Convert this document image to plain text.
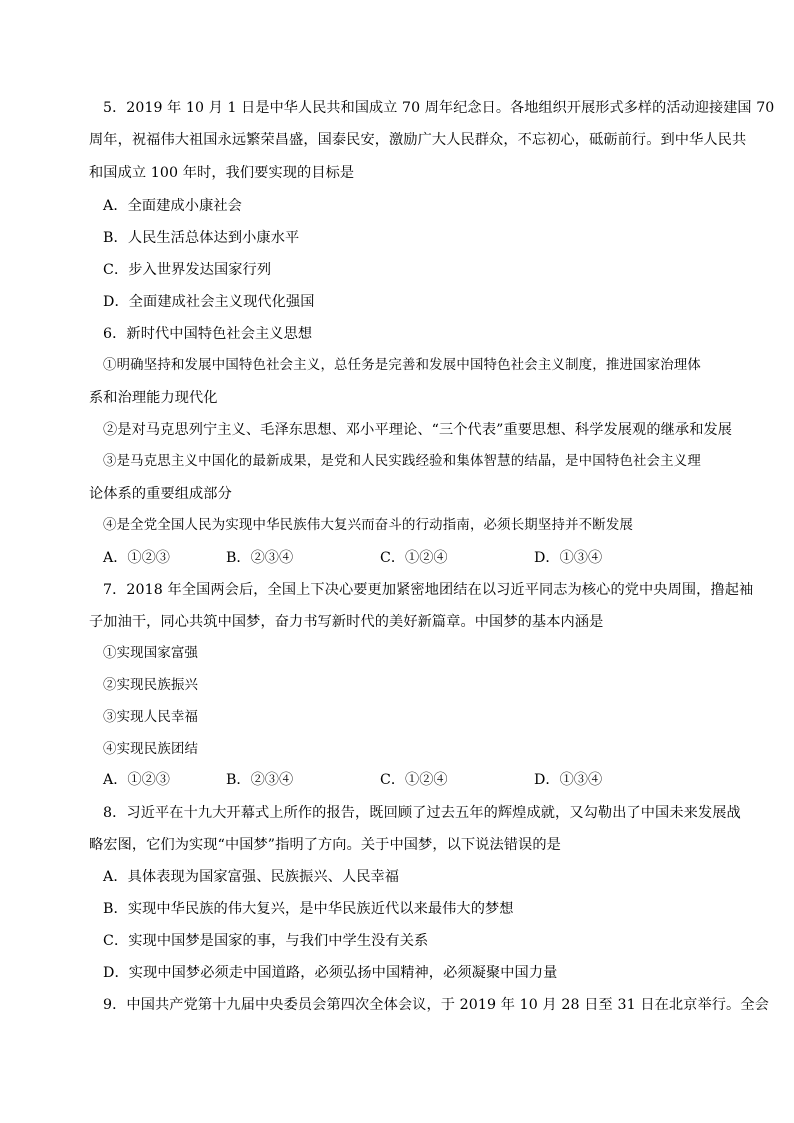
5．2019 年 10 月 1 日是中华人民共和国成立 70 周年纪念日。各地组织开展形式多样的活动迎接建国 70
周年，祝福伟大祖国永远繁荣昌盛，国泰民安，激励广大人民群众，不忘初心，砥砺前行。到中华人民共
和国成立 100 年时，我们要实现的目标是
A．全面建成小康社会
B．人民生活总体达到小康水平
C．步入世界发达国家行列
D．全面建成社会主义现代化强国
6．新时代中国特色社会主义思想
①明确坚持和发展中国特色社会主义，总任务是完善和发展中国特色社会主义制度，推进国家治理体
系和治理能力现代化
②是对马克思列宁主义、毛泽东思想、邓小平理论、“三个代表”重要思想、科学发展观的继承和发展
③是马克思主义中国化的最新成果，是党和人民实践经验和集体智慧的结晶，是中国特色社会主义理
论体系的重要组成部分
④是全党全国人民为实现中华民族伟大复兴而奋斗的行动指南，必须长期坚持并不断发展
A．①②③	B．②③④	C．①②④	D．①③④
7．2018 年全国两会后，全国上下决心要更加紧密地团结在以习近平同志为核心的党中央周围，撸起袖
子加油干，同心共筑中国梦，奋力书写新时代的美好新篇章。中国梦的基本内涵是
①实现国家富强
②实现民族振兴
③实现人民幸福
④实现民族团结
A．①②③	B．②③④	C．①②④	D．①③④
8．习近平在十九大开幕式上所作的报告，既回顾了过去五年的辉煌成就，又勾勒出了中国未来发展战
略宏图，它们为实现“中国梦”指明了方向。关于中国梦，以下说法错误的是
A．具体表现为国家富强、民族振兴、人民幸福
B．实现中华民族的伟大复兴，是中华民族近代以来最伟大的梦想
C．实现中国梦是国家的事，与我们中学生没有关系
D．实现中国梦必须走中国道路，必须弘扬中国精神，必须凝聚中国力量
9．中国共产党第十九届中央委员会第四次全体会议，于 2019 年 10 月 28 日至 31 日在北京举行。全会
